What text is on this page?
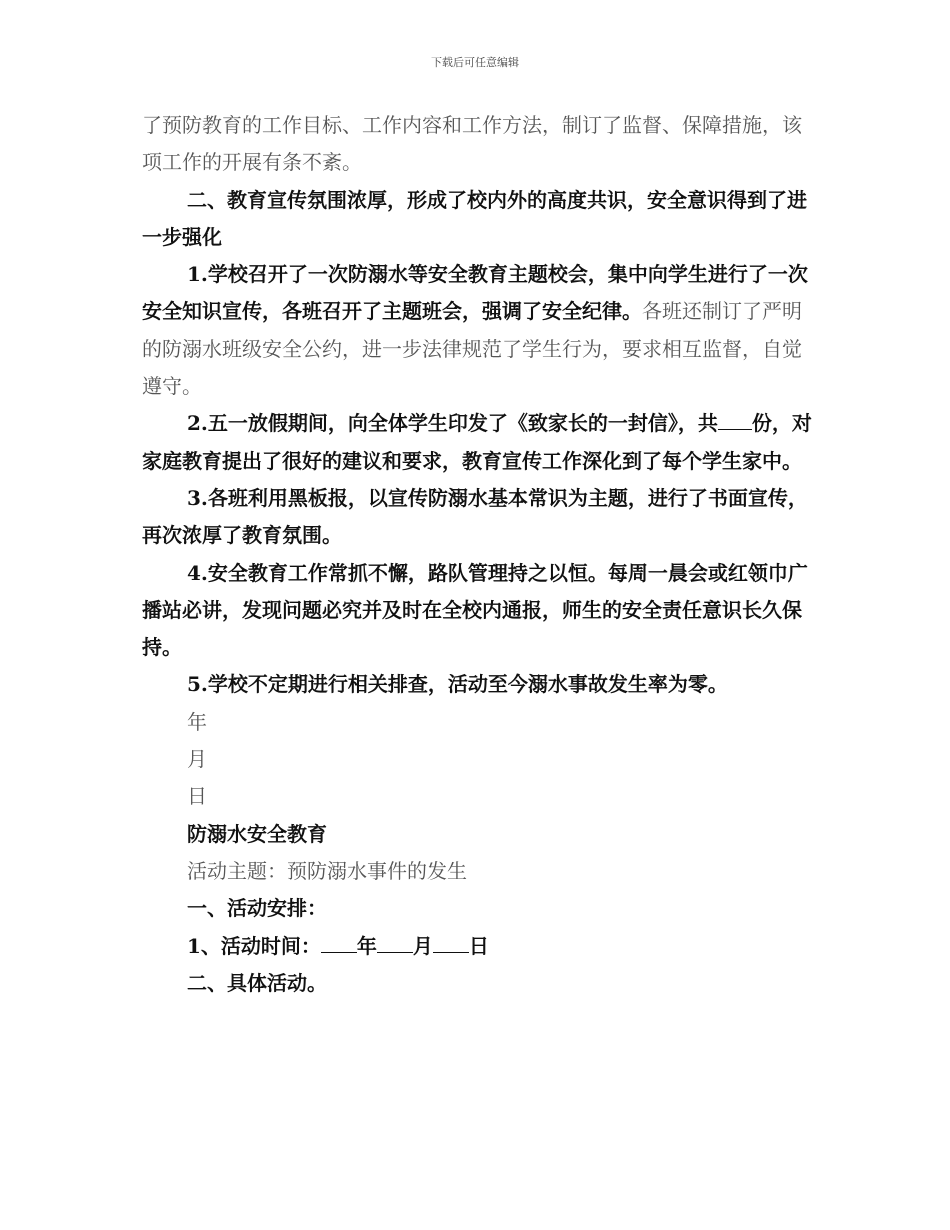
下载后可任意编辑

了预防教育的工作目标、工作内容和工作方法，制订了监督、保障措施，该项工作的开展有条不紊。

二、教育宣传氛围浓厚，形成了校内外的高度共识，安全意识得到了进一步强化

1.学校召开了一次防溺水等安全教育主题校会，集中向学生进行了一次安全知识宣传，各班召开了主题班会，强调了安全纪律。各班还制订了严明的防溺水班级安全公约，进一步法律规范了学生行为，要求相互监督，自觉遵守。

2.五一放假期间，向全体学生印发了《致家长的一封信》，共 份，对家庭教育提出了很好的建议和要求，教育宣传工作深化到了每个学生家中。

3.各班利用黑板报，以宣传防溺水基本常识为主题，进行了书面宣传，再次浓厚了教育氛围。

4.安全教育工作常抓不懈，路队管理持之以恒。每周一晨会或红领巾广播站必讲，发现问题必究并及时在全校内通报，师生的安全责任意识长久保持。

5.学校不定期进行相关排查，活动至今溺水事故发生率为零。

年

月

日

防溺水安全教育

活动主题：预防溺水事件的发生

一、活动安排：

1、活动时间： 年 月 日

二、具体活动。
